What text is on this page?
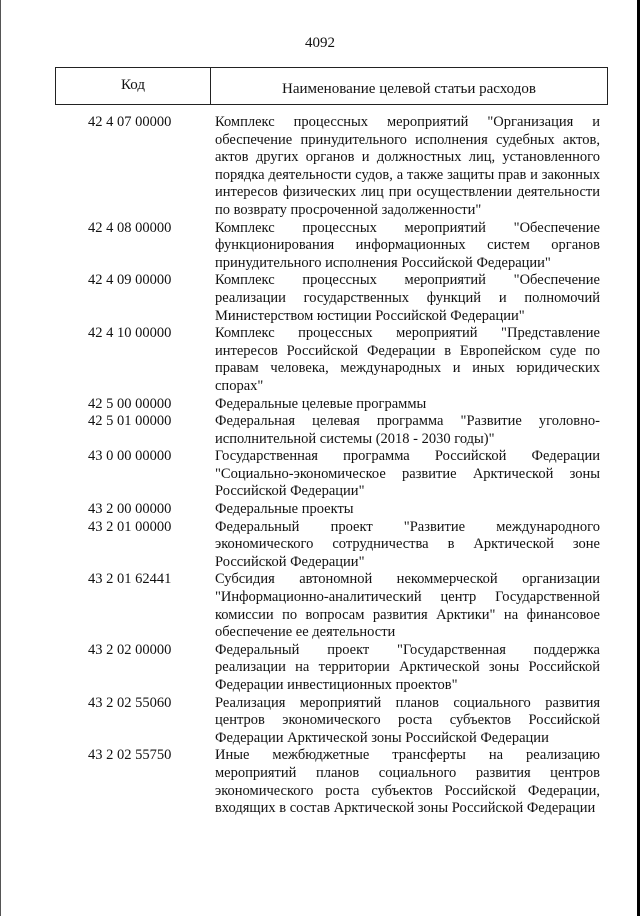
4092
Код	Наименование целевой статьи расходов
42 4 07 00000	Комплекс процессных мероприятий "Организация и обеспечение принудительного исполнения судебных актов, актов других органов и должностных лиц, установленного порядка деятельности судов, а также защиты прав и законных интересов физических лиц при осуществлении деятельности по возврату просроченной задолженности"
42 4 08 00000	Комплекс процессных мероприятий "Обеспечение функционирования информационных систем органов принудительного исполнения Российской Федерации"
42 4 09 00000	Комплекс процессных мероприятий "Обеспечение реализации государственных функций и полномочий Министерством юстиции Российской Федерации"
42 4 10 00000	Комплекс процессных мероприятий "Представление интересов Российской Федерации в Европейском суде по правам человека, международных и иных юридических спорах"
42 5 00 00000	Федеральные целевые программы
42 5 01 00000	Федеральная целевая программа "Развитие уголовно-исполнительной системы (2018 - 2030 годы)"
43 0 00 00000	Государственная программа Российской Федерации "Социально-экономическое развитие Арктической зоны Российской Федерации"
43 2 00 00000	Федеральные проекты
43 2 01 00000	Федеральный проект "Развитие международного экономического сотрудничества в Арктической зоне Российской Федерации"
43 2 01 62441	Субсидия автономной некоммерческой организации "Информационно-аналитический центр Государственной комиссии по вопросам развития Арктики" на финансовое обеспечение ее деятельности
43 2 02 00000	Федеральный проект "Государственная поддержка реализации на территории Арктической зоны Российской Федерации инвестиционных проектов"
43 2 02 55060	Реализация мероприятий планов социального развития центров экономического роста субъектов Российской Федерации Арктической зоны Российской Федерации
43 2 02 55750	Иные межбюджетные трансферты на реализацию мероприятий планов социального развития центров экономического роста субъектов Российской Федерации, входящих в состав Арктической зоны Российской Федерации
